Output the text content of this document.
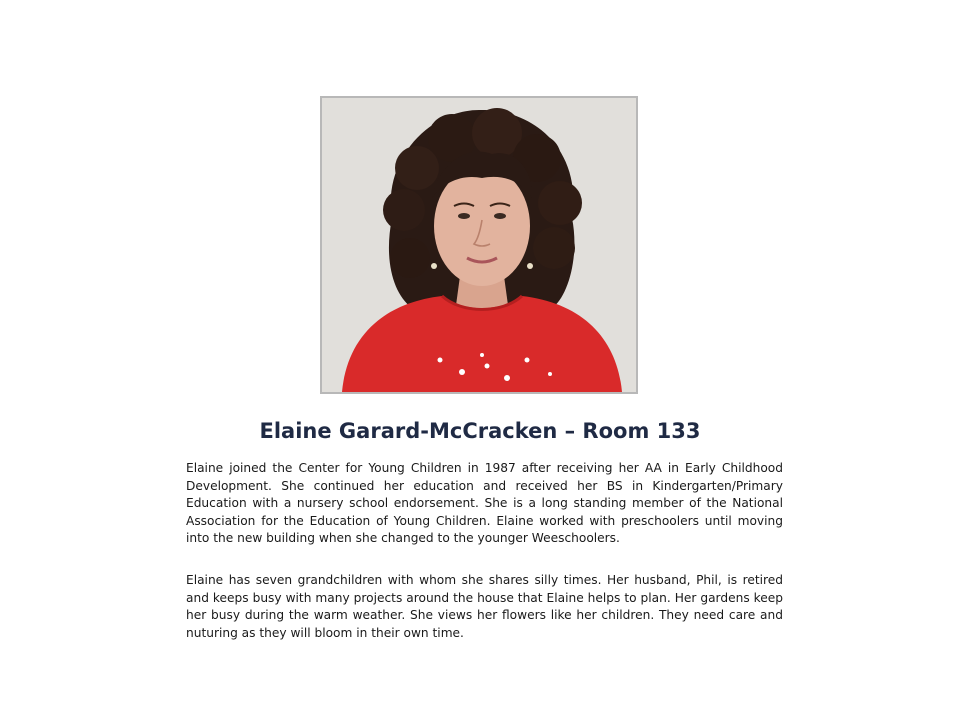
Elaine Garard-McCracken – Room 133

Elaine joined the Center for Young Children in 1987 after receiving her AA in Early Childhood Development. She continued her education and received her BS in Kindergarten/Primary Education with a nursery school endorsement. She is a long standing member of the National Association for the Education of Young Children. Elaine worked with preschoolers until moving into the new building when she changed to the younger Weeschoolers.

Elaine has seven grandchildren with whom she shares silly times. Her husband, Phil, is retired and keeps busy with many projects around the house that Elaine helps to plan. Her gardens keep her busy during the warm weather. She views her flowers like her children. They need care and nuturing as they will bloom in their own time.
